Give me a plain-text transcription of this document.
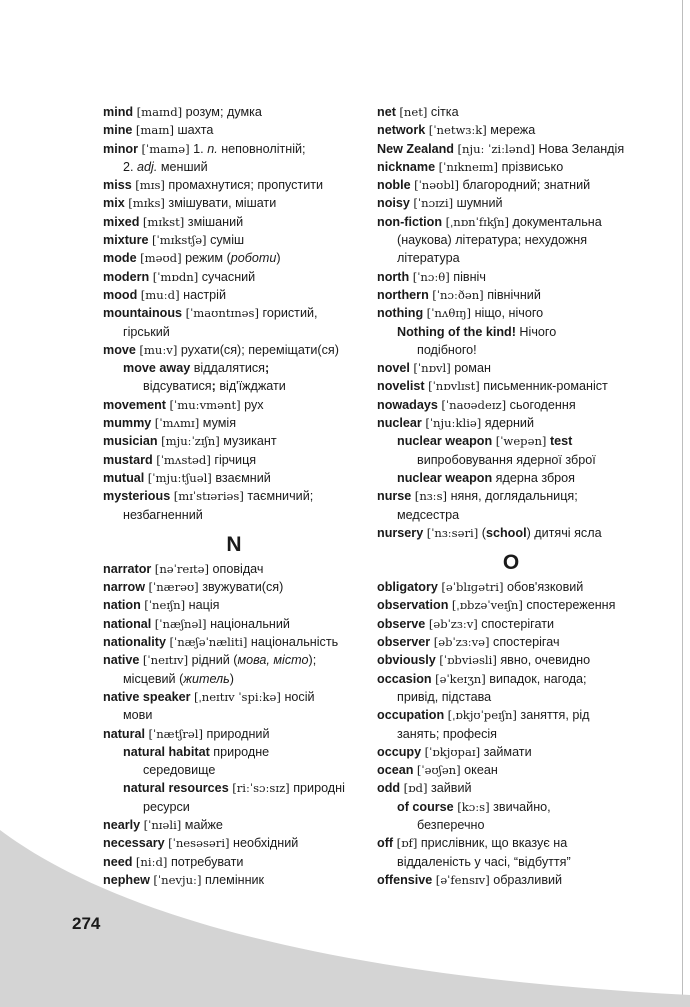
mind [maɪnd] розум; думка
mine [maɪn] шахта
minor [ˈmaɪnə] 1. n. неповнолітній;
2. adj. менший
miss [mɪs] промахнутися; пропустити
mix [mɪks] змішувати, мішати
mixed [mɪkst] змішаний
mixture [ˈmɪkstʃə] суміш
mode [məʊd] режим (роботи)
modern [ˈmɒdn] сучасний
mood [muːd] настрій
mountainous [ˈmaʊntɪnəs] гористий,
гірський
move [muːv] рухати(ся); переміщати(ся)
move away віддалятися;
відсуватися; від'їжджати
movement [ˈmuːvmənt] рух
mummy [ˈmʌmɪ] мумія
musician [mjuːˈzɪʃn] музикант
mustard [ˈmʌstəd] гірчиця
mutual [ˈmjuːtʃuəl] взаємний
mysterious [mɪˈstɪəriəs] таємничий;
незбагненний
N
narrator [nəˈreɪtə] оповідач
narrow [ˈnærəʊ] звужувати(ся)
nation [ˈneɪʃn] нація
national [ˈnæʃnəl] національний
nationality [ˈnæʃəˈnæliti] національність
native [ˈneɪtɪv] рідний (мова, місто);
місцевий (житель)
native speaker [ˌneɪtɪv ˈspiːkə] носій
мови
natural [ˈnætʃrəl] природний
natural habitat природне
середовище
natural resources [riːˈsɔːsɪz] природні
ресурси
nearly [ˈnɪəli] майже
necessary [ˈnesəsəri] необхідний
need [niːd] потребувати
nephew [ˈnevjuː] племінник
net [net] сітка
network [ˈnetwɜːk] мережа
New Zealand [njuː ˈziːlənd] Нова Зеландія
nickname [ˈnɪkneɪm] прізвисько
noble [ˈnəʊbl] благородний; знатний
noisy [ˈnɔɪzi] шумний
non-fiction [ˌnɒnˈfɪkʃn] документальна
(наукова) література; нехудожня
література
north [ˈnɔːθ] північ
northern [ˈnɔːðən] північний
nothing [ˈnʌθɪŋ] ніщо, нічого
Nothing of the kind! Нічого
подібного!
novel [ˈnɒvl] роман
novelist [ˈnɒvlɪst] письменник-романіст
nowadays [ˈnaʊədeɪz] сьогодення
nuclear [ˈnjuːkliə] ядерний
nuclear weapon [ˈwepən] test
випробовування ядерної зброї
nuclear weapon ядерна зброя
nurse [nɜːs] няня, доглядальниця;
медсестра
nursery [ˈnɜːsəri] (school) дитячі ясла
O
obligatory [əˈblɪɡətri] обов'язковий
observation [ˌɒbzəˈveɪʃn] спостереження
observe [əbˈzɜːv] спостерігати
observer [əbˈzɜːvə] спостерігач
obviously [ˈɒbviəsli] явно, очевидно
occasion [əˈkeɪʒn] випадок, нагода;
привід, підстава
occupation [ˌɒkjʊˈpeɪʃn] заняття, рід
занять; професія
occupy [ˈɒkjʊpaɪ] займати
ocean [ˈəʊʃən] океан
odd [ɒd] зайвий
of course [kɔːs] звичайно,
безперечно
off [ɒf] прислівник, що вказує на
віддаленість у часі, “відбуття”
offensive [əˈfensɪv] образливий
274
